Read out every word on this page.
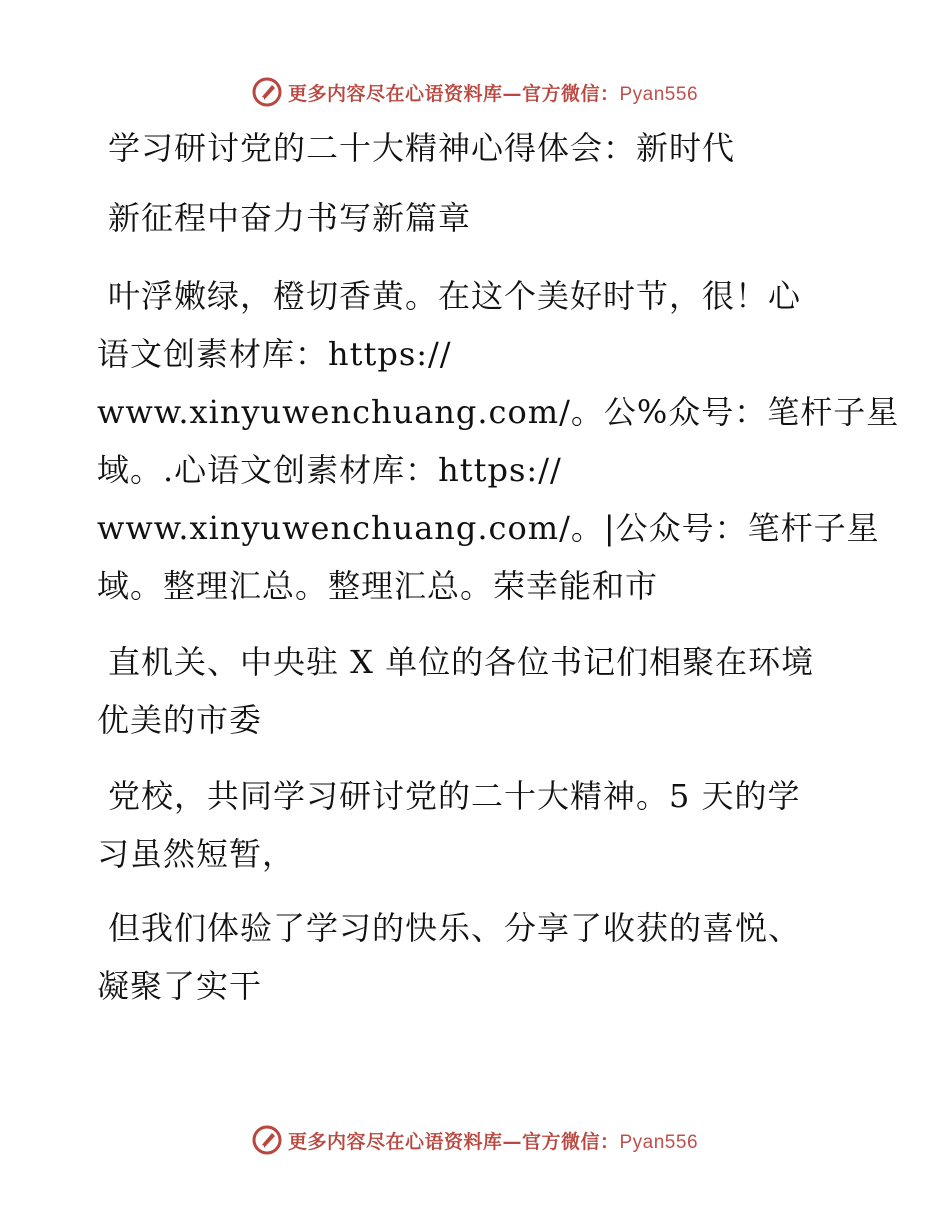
更多内容尽在心语资料库—官方微信：Pyan556
学习研讨党的二十大精神心得体会：新时代
新征程中奋力书写新篇章
叶浮嫩绿，橙切香黄。在这个美好时节，很！心
语文创素材库：https://
www.xinyuwenchuang.com/。公%众号：笔杆子星
域。.心语文创素材库：https://
www.xinyuwenchuang.com/。|公众号：笔杆子星
域。整理汇总。整理汇总。荣幸能和市
直机关、中央驻 X 单位的各位书记们相聚在环境
优美的市委
党校，共同学习研讨党的二十大精神。5 天的学
习虽然短暂，
但我们体验了学习的快乐、分享了收获的喜悦、
凝聚了实干
更多内容尽在心语资料库—官方微信：Pyan556
